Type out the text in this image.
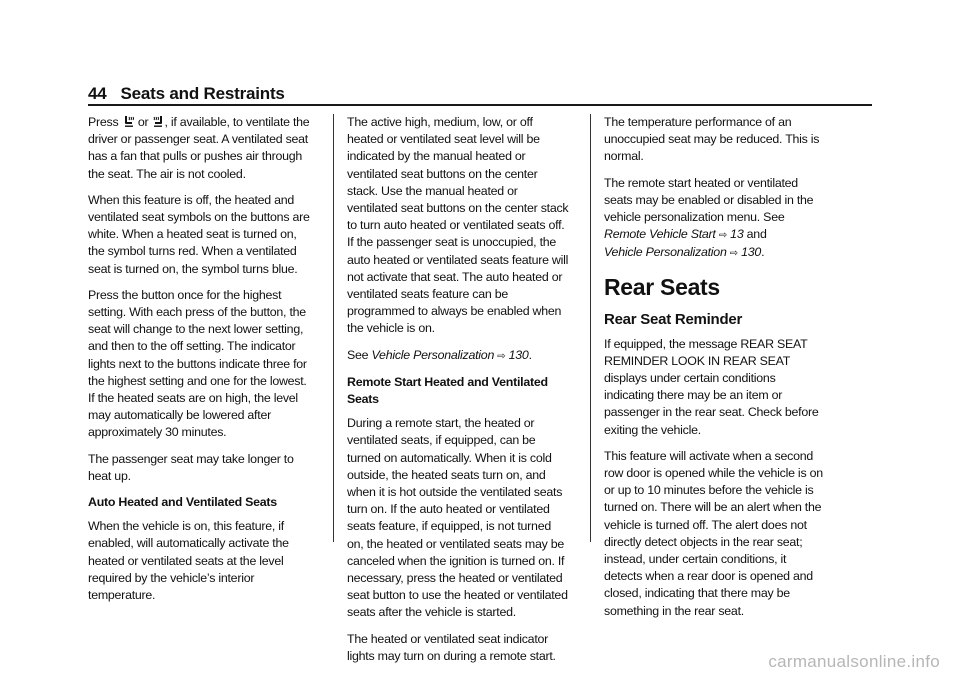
44 Seats and Restraints

Press  or , if available, to ventilate the driver or passenger seat. A ventilated seat has a fan that pulls or pushes air through the seat. The air is not cooled.

When this feature is off, the heated and ventilated seat symbols on the buttons are white. When a heated seat is turned on, the symbol turns red. When a ventilated seat is turned on, the symbol turns blue.

Press the button once for the highest setting. With each press of the button, the seat will change to the next lower setting, and then to the off setting. The indicator lights next to the buttons indicate three for the highest setting and one for the lowest. If the heated seats are on high, the level may automatically be lowered after approximately 30 minutes.

The passenger seat may take longer to heat up.

Auto Heated and Ventilated Seats

When the vehicle is on, this feature, if enabled, will automatically activate the heated or ventilated seats at the level required by the vehicle’s interior temperature.

The active high, medium, low, or off heated or ventilated seat level will be indicated by the manual heated or ventilated seat buttons on the center stack. Use the manual heated or ventilated seat buttons on the center stack to turn auto heated or ventilated seats off. If the passenger seat is unoccupied, the auto heated or ventilated seats feature will not activate that seat. The auto heated or ventilated seats feature can be programmed to always be enabled when the vehicle is on.

See Vehicle Personalization ⇨ 130.

Remote Start Heated and Ventilated Seats

During a remote start, the heated or ventilated seats, if equipped, can be turned on automatically. When it is cold outside, the heated seats turn on, and when it is hot outside the ventilated seats turn on. If the auto heated or ventilated seats feature, if equipped, is not turned on, the heated or ventilated seats may be canceled when the ignition is turned on. If necessary, press the heated or ventilated seat button to use the heated or ventilated seats after the vehicle is started.

The heated or ventilated seat indicator lights may turn on during a remote start.

The temperature performance of an unoccupied seat may be reduced. This is normal.

The remote start heated or ventilated seats may be enabled or disabled in the vehicle personalization menu. See Remote Vehicle Start ⇨ 13 and
Vehicle Personalization ⇨ 130.

Rear Seats
Rear Seat Reminder

If equipped, the message REAR SEAT REMINDER LOOK IN REAR SEAT displays under certain conditions indicating there may be an item or passenger in the rear seat. Check before exiting the vehicle.

This feature will activate when a second row door is opened while the vehicle is on or up to 10 minutes before the vehicle is turned on. There will be an alert when the vehicle is turned off. The alert does not directly detect objects in the rear seat; instead, under certain conditions, it detects when a rear door is opened and closed, indicating that there may be something in the rear seat.

carmanualsonline.info
